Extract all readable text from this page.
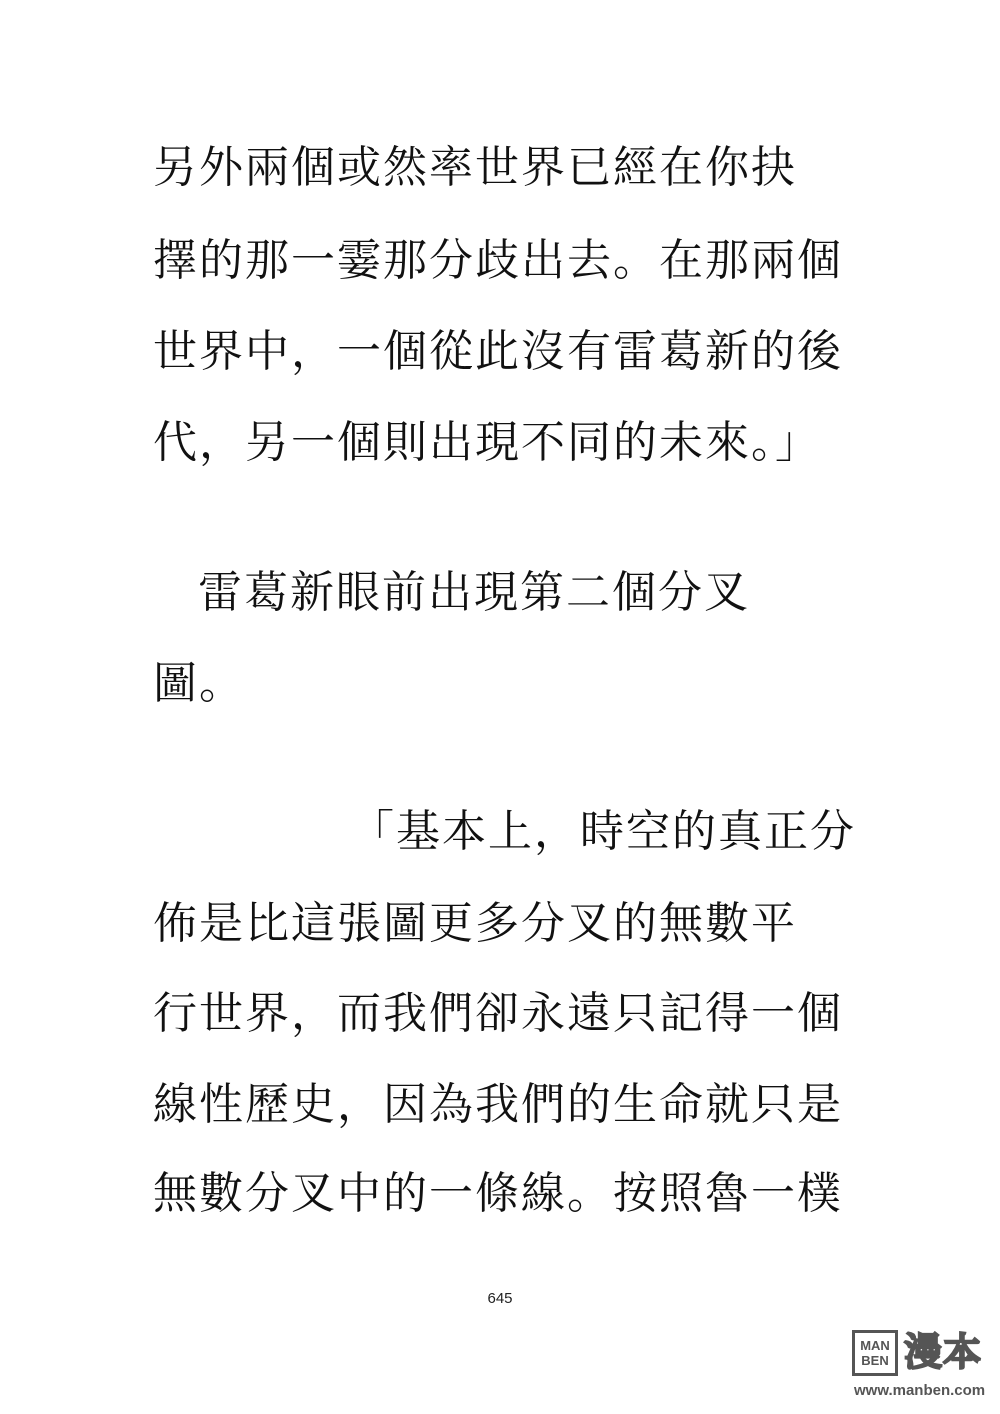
另外兩個或然率世界已經在你抉
擇的那一霎那分歧出去。在那兩個
世界中，一個從此沒有雷葛新的後
代，另一個則出現不同的未來。」
雷葛新眼前出現第二個分叉
圖。
「基本上，時空的真正分
佈是比這張圖更多分叉的無數平
行世界，而我們卻永遠只記得一個
線性歷史，因為我們的生命就只是
無數分叉中的一條線。按照魯一樸
645
MAN
BEN 漫本
www.manben.com
